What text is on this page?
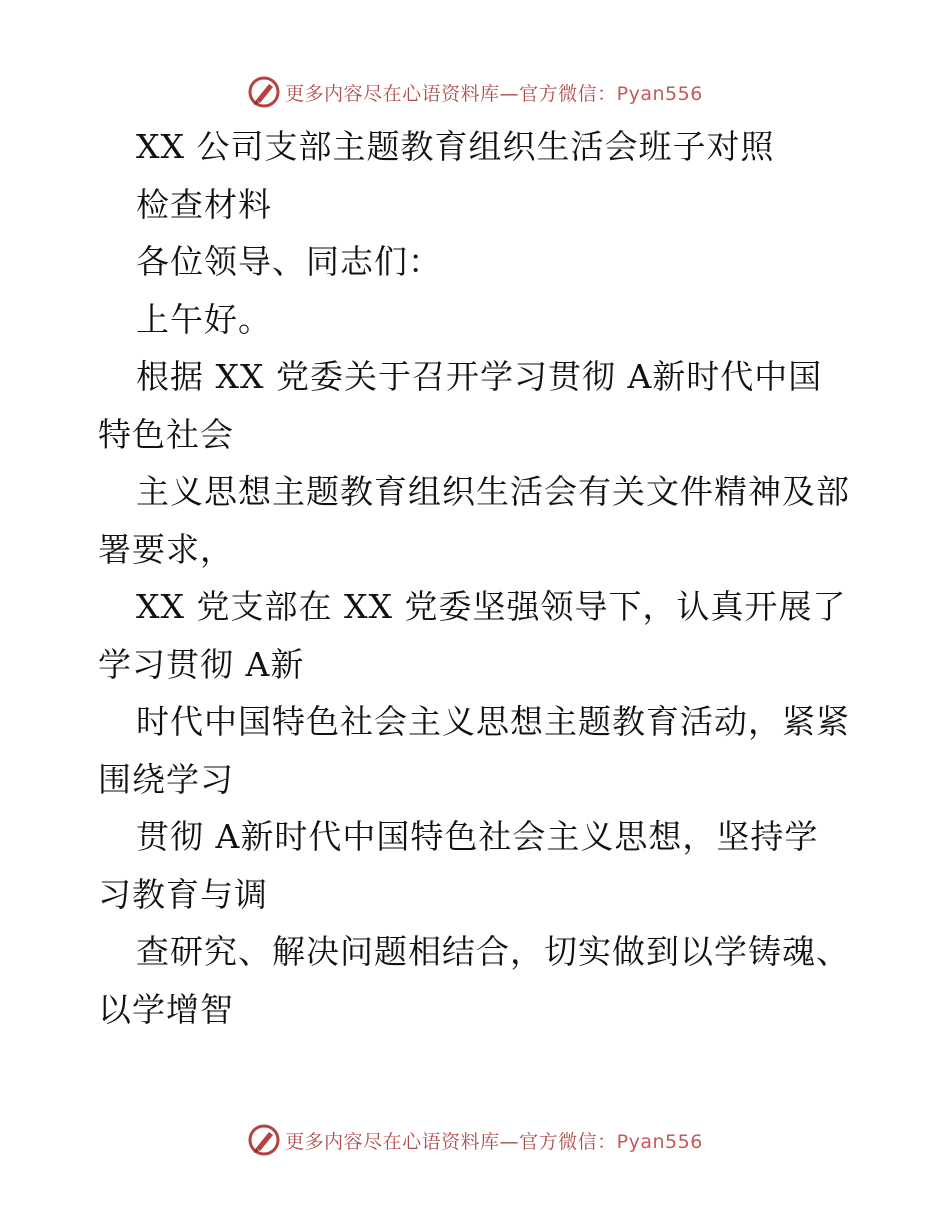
更多内容尽在心语资料库—官方微信：Pyan556
XX 公司支部主题教育组织生活会班子对照
检查材料
各位领导、同志们：
上午好。
根据 XX 党委关于召开学习贯彻 A新时代中国
特色社会
主义思想主题教育组织生活会有关文件精神及部
署要求，
XX 党支部在 XX 党委坚强领导下，认真开展了
学习贯彻 A新
时代中国特色社会主义思想主题教育活动，紧紧
围绕学习
贯彻 A新时代中国特色社会主义思想，坚持学
习教育与调
查研究、解决问题相结合，切实做到以学铸魂、
以学增智
更多内容尽在心语资料库—官方微信：Pyan556
